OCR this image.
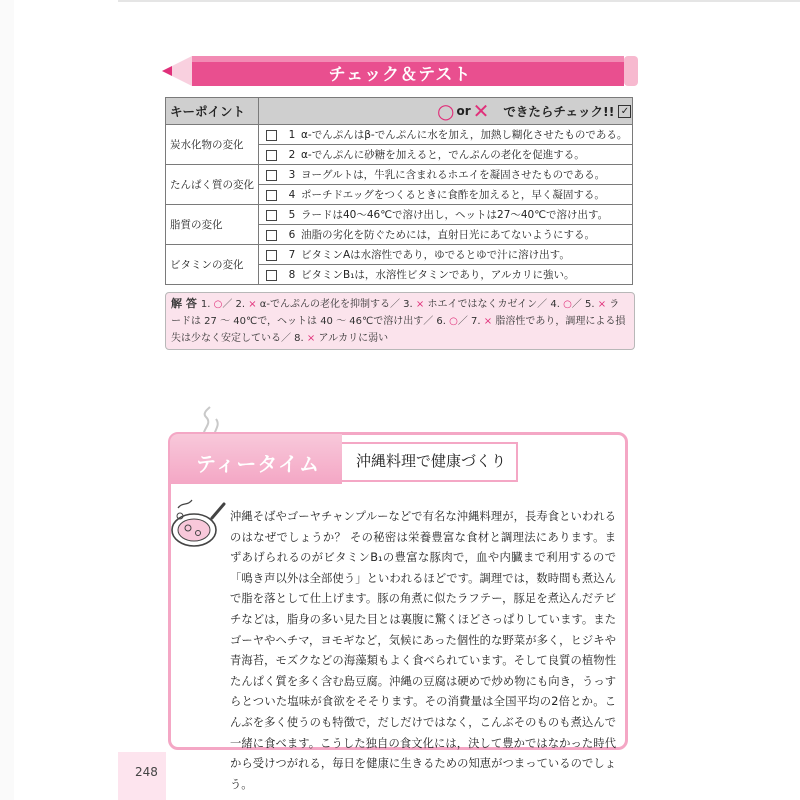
チェック＆テスト
キーポイント	○ or ✕ できたらチェック!! ✓

炭水化物の変化	1 α-でんぷんはβ-でんぷんに水を加え，加熱し糊化させたものである。
	2 α-でんぷんに砂糖を加えると，でんぷんの老化を促進する。
たんぱく質の変化	3 ヨーグルトは，牛乳に含まれるホエイを凝固させたものである。
	4 ポーチドエッグをつくるときに食酢を加えると，早く凝固する。
脂質の変化	5 ラードは40～46℃で溶け出し，ヘットは27～40℃で溶け出す。
	6 油脂の劣化を防ぐためには，直射日光にあてないようにする。
ビタミンの変化	7 ビタミンAは水溶性であり，ゆでるとゆで汁に溶け出す。
	8 ビタミンB₁は，水溶性ビタミンであり，アルカリに強い。
解 答 1. ○／ 2. × α-でんぷんの老化を抑制する／ 3. × ホエイではなくカゼイン／ 4. ○／ 5. × ラードは 27 ～ 40℃で，ヘットは 40 ～ 46℃で溶け出す／ 6. ○／ 7. × 脂溶性であり，調理による損失は少なく安定している／ 8. × アルカリに弱い
ティータイム	沖縄料理で健康づくり
沖縄そばやゴーヤチャンプルーなどで有名な沖縄料理が，長寿食といわれるのはなぜでしょうか？ その秘密は栄養豊富な食材と調理法にあります。まずあげられるのがビタミンB₁の豊富な豚肉で，血や内臓まで利用するので「鳴き声以外は全部使う」といわれるほどです。調理では，数時間も煮込んで脂を落として仕上げます。豚の角煮に似たラフテー，豚足を煮込んだテビチなどは，脂身の多い見た目とは裏腹に驚くほどさっぱりしています。またゴーヤやヘチマ，ヨモギなど，気候にあった個性的な野菜が多く，ヒジキや青海苔，モズクなどの海藻類もよく食べられています。そして良質の植物性たんぱく質を多く含む島豆腐。沖縄の豆腐は硬めで炒め物にも向き，うっすらとついた塩味が食欲をそそります。その消費量は全国平均の2倍とか。こんぶを多く使うのも特徴で，だしだけではなく，こんぶそのものも煮込んで一緒に食べます。こうした独自の食文化には，決して豊かではなかった時代から受けつがれる，毎日を健康に生きるための知恵がつまっているのでしょう。
248
